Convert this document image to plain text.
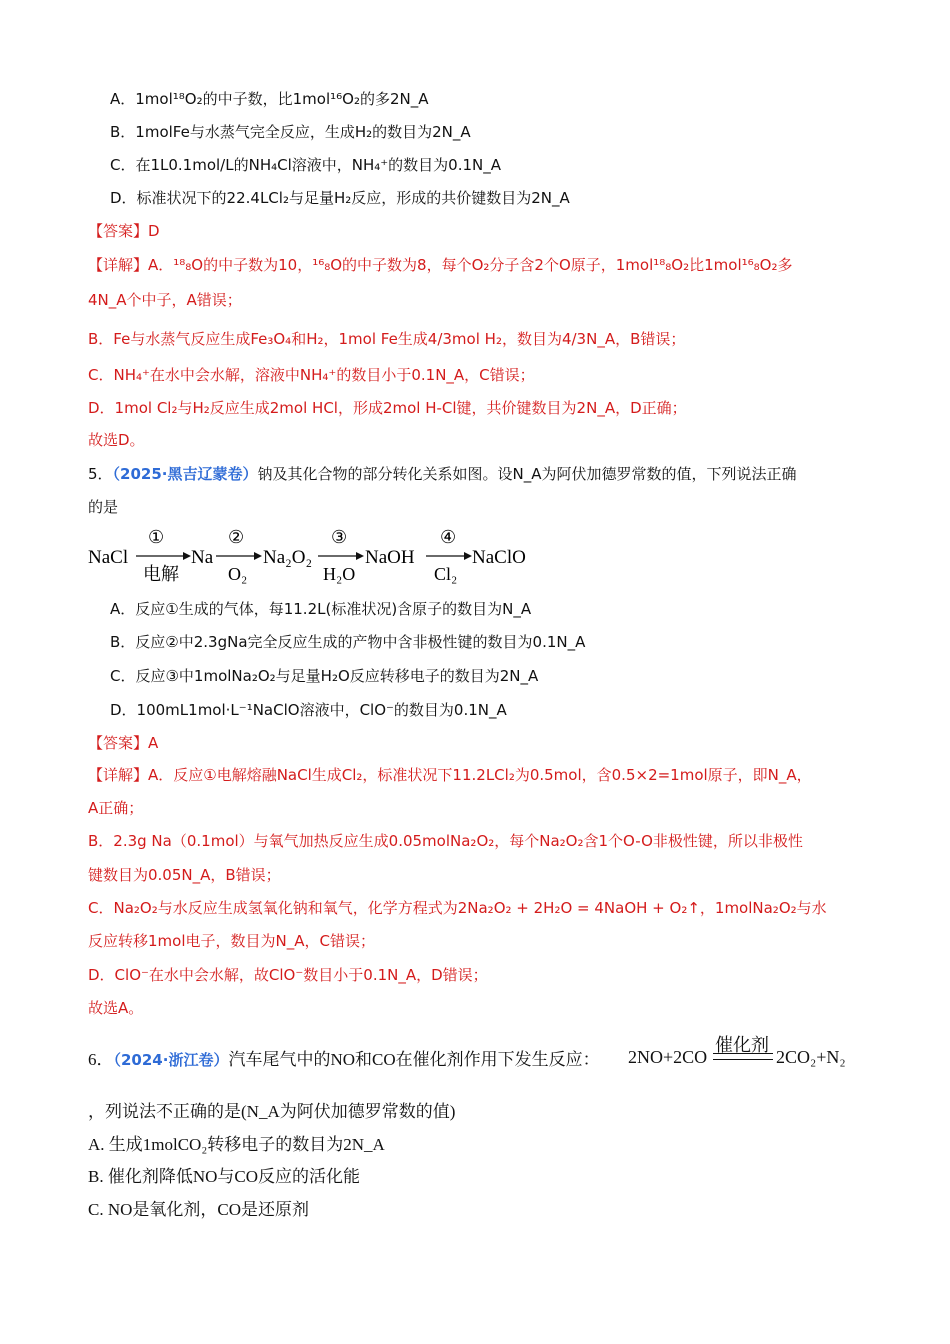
A．1mol¹⁸O₂的中子数，比1mol¹⁶O₂的多2N_A
B．1molFe与水蒸气完全反应，生成H₂的数目为2N_A
C．在1L0.1mol/L的NH₄Cl溶液中，NH₄⁺的数目为0.1N_A
D．标准状况下的22.4LCl₂与足量H₂反应，形成的共价键数目为2N_A
【答案】D
【详解】A．¹⁸₈O的中子数为10，¹⁶₈O的中子数为8，每个O₂分子含2个O原子，1mol¹⁸₈O₂比1mol¹⁶₈O₂多
4N_A个中子，A错误；
B．Fe与水蒸气反应生成Fe₃O₄和H₂，1mol Fe生成4/3mol H₂，数目为4/3N_A，B错误；
C．NH₄⁺在水中会水解，溶液中NH₄⁺的数目小于0.1N_A，C错误；
D．1mol Cl₂与H₂反应生成2mol HCl，形成2mol H-Cl键，共价键数目为2N_A，D正确；
故选D。
5．（2025·黑吉辽蒙卷）钠及其化合物的部分转化关系如图。设N_A为阿伏加德罗常数的值，下列说法正确
的是
NaCl
①
电解
Na
②
O₂
Na₂O₂
③
H₂O
NaOH
④
Cl₂
NaClO
A．反应①生成的气体，每11.2L(标准状况)含原子的数目为N_A
B．反应②中2.3gNa完全反应生成的产物中含非极性键的数目为0.1N_A
C．反应③中1molNa₂O₂与足量H₂O反应转移电子的数目为2N_A
D．100mL1mol·L⁻¹NaClO溶液中，ClO⁻的数目为0.1N_A
【答案】A
【详解】A．反应①电解熔融NaCl生成Cl₂，标准状况下11.2LCl₂为0.5mol，含0.5×2=1mol原子，即N_A，
A正确；
B．2.3g Na（0.1mol）与氧气加热反应生成0.05molNa₂O₂，每个Na₂O₂含1个O-O非极性键，所以非极性
键数目为0.05N_A，B错误；
C．Na₂O₂与水反应生成氢氧化钠和氧气，化学方程式为2Na₂O₂ + 2H₂O = 4NaOH + O₂↑，1molNa₂O₂与水
反应转移1mol电子，数目为N_A，C错误；
D．ClO⁻在水中会水解，故ClO⁻数目小于0.1N_A，D错误；
故选A。
6．（2024·浙江卷）汽车尾气中的NO和CO在催化剂作用下发生反应： 2NO+2CO
催化剂
2CO₂+N₂
，列说法不正确的是(N_A为阿伏加德罗常数的值)
A. 生成1molCO₂转移电子的数目为2N_A
B. 催化剂降低NO与CO反应的活化能
C. NO是氧化剂，CO是还原剂
